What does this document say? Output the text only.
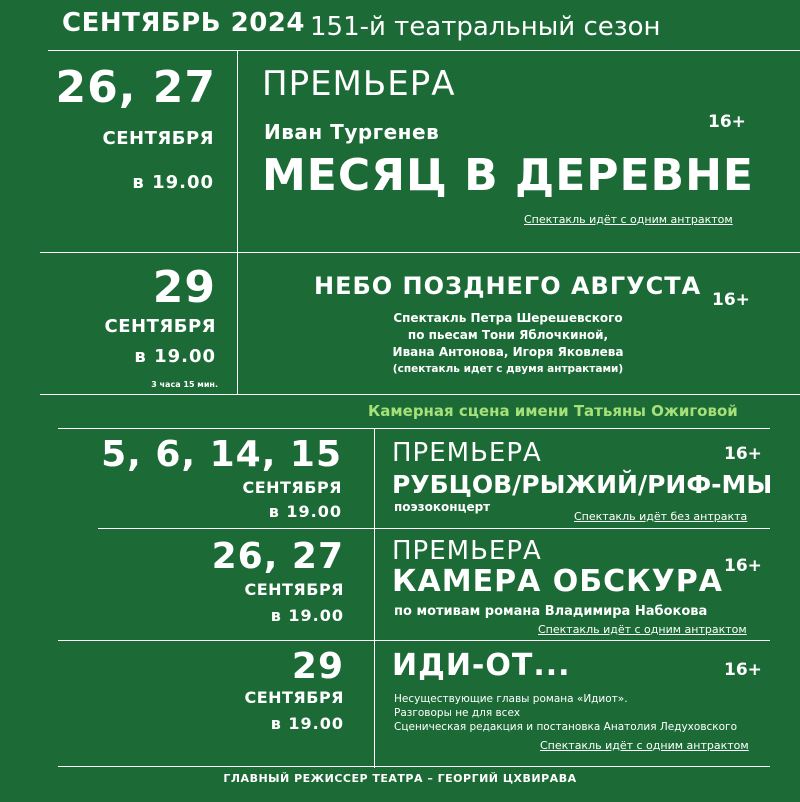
СЕНТЯБРЬ 2024 151-й театральный сезон
26, 27
СЕНТЯБРЯ
в 19.00
ПРЕМЬЕРА
Иван Тургенев	16+
МЕСЯЦ В ДЕРЕВНЕ
Спектакль идёт с одним антрактом
29
СЕНТЯБРЯ
в 19.00
3 часа 15 мин.
НЕБО ПОЗДНЕГО АВГУСТА 16+
Спектакль Петра Шерешевского
по пьесам Тони Яблочкиной,
Ивана Антонова, Игоря Яковлева
(спектакль идет с двумя антрактами)
Камерная сцена имени Татьяны Ожиговой
5, 6, 14, 15
СЕНТЯБРЯ
в 19.00
ПРЕМЬЕРА	16+
РУБЦОВ/РЫЖИЙ/РИФ-МЫ
поэзоконцерт
Спектакль идёт без антракта
26, 27
СЕНТЯБРЯ
в 19.00
ПРЕМЬЕРА	16+
КАМЕРА ОБСКУРА
по мотивам романа Владимира Набокова
Спектакль идёт с одним антрактом
29
СЕНТЯБРЯ
в 19.00
ИДИ-ОТ...	16+
Несуществующие главы романа «Идиот».
Разговоры не для всех
Сценическая редакция и постановка Анатолия Ледуховского
Спектакль идёт с одним антрактом
ГЛАВНЫЙ РЕЖИССЕР ТЕАТРА – ГЕОРГИЙ ЦХВИРАВА
